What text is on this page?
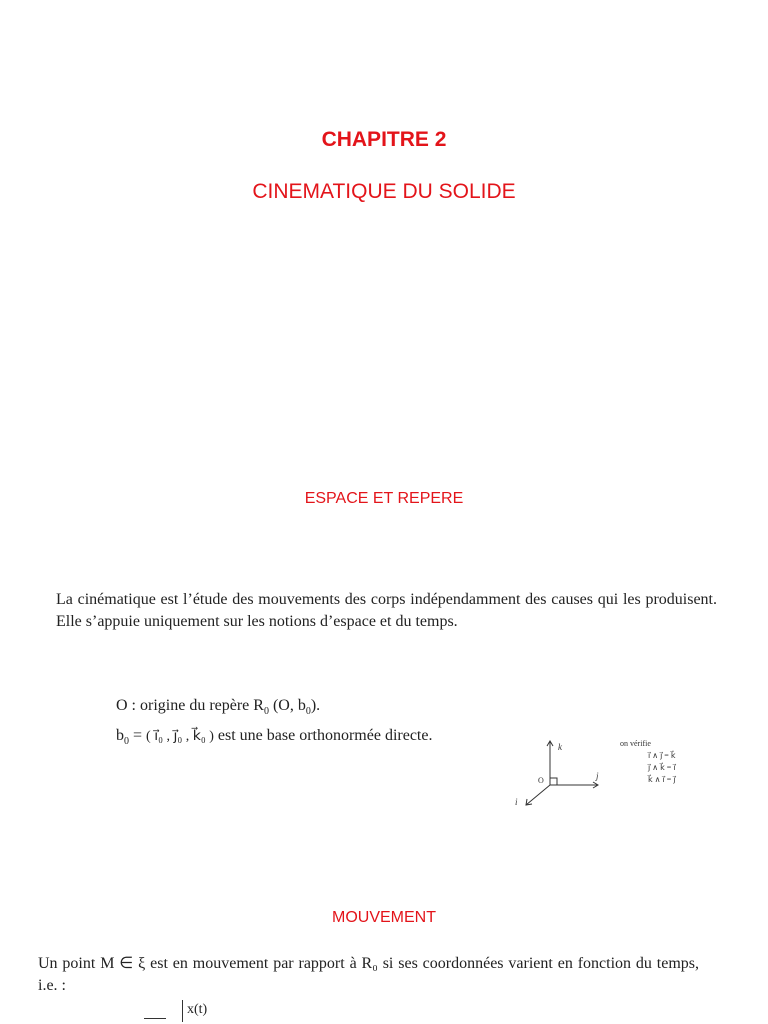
CHAPITRE 2
CINEMATIQUE DU SOLIDE
ESPACE ET REPERE

La cinématique est l’étude des mouvements des corps indépendamment des causes qui les produisent. Elle s’appuie uniquement sur les notions d’espace et du temps.

O : origine du repère $R_0$ (O, $b_0$).
$b_0$ = ( i⃗₀ , j⃗₀ , k⃗₀ ) est une base orthonormée directe.
O
k⃗
j⃗
i⃗
on vérifie
i⃗ ∧ j⃗ = k⃗
j⃗ ∧ k⃗ = i⃗
k⃗ ∧ i⃗ = j⃗
MOUVEMENT

Un point M ∈ ξ est en mouvement par rapport à R₀ si ses coordonnées varient en fonction du temps, i.e. :

x(t)
